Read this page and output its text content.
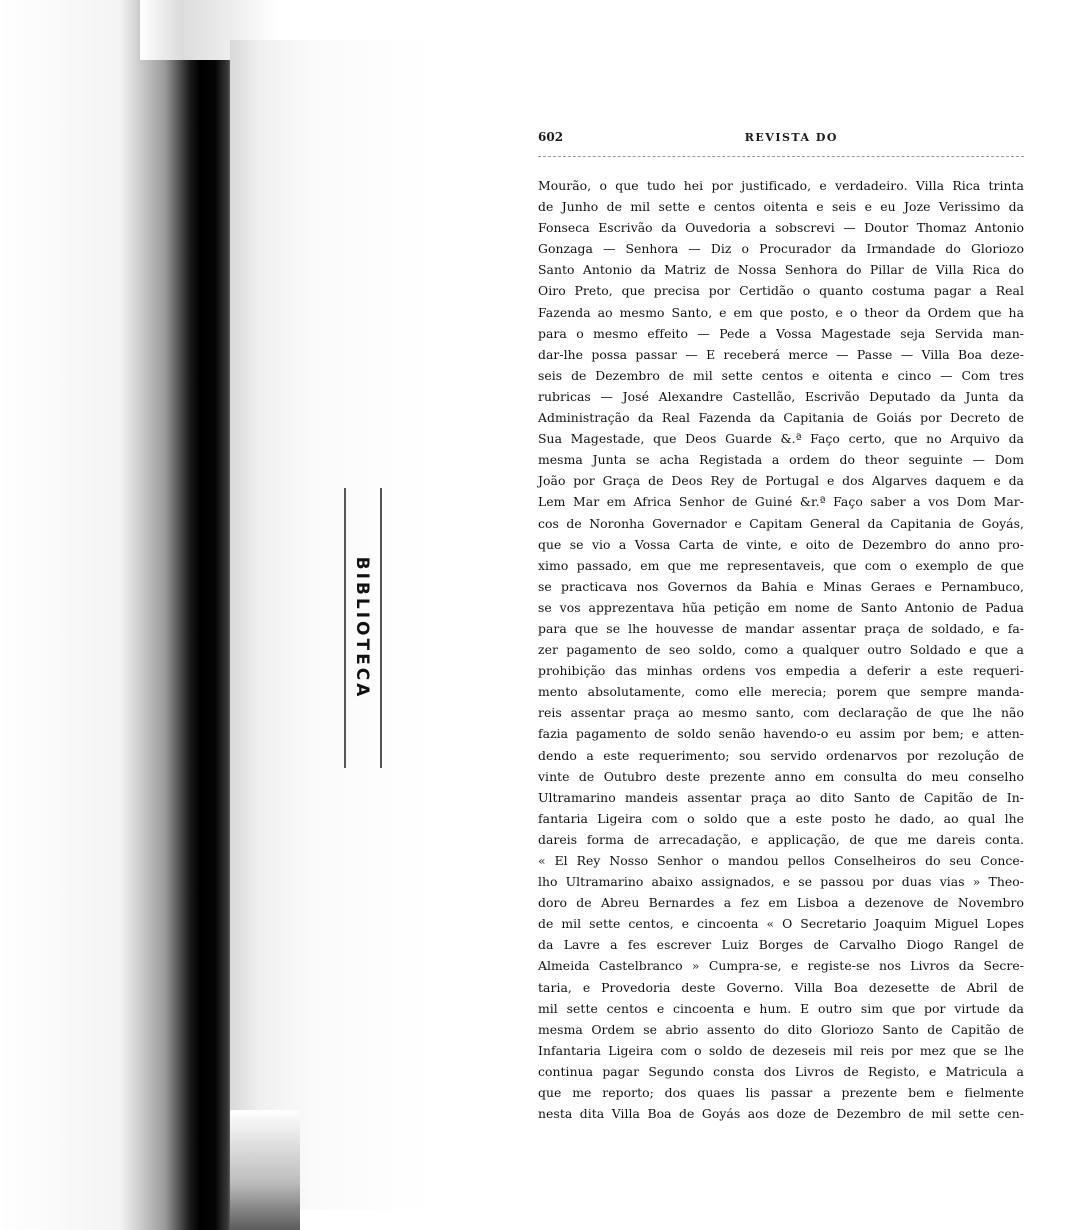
BIBLIOTECA
602	REVISTA DO
Mourão, o que tudo hei por justificado, e verdadeiro. Villa Rica trinta
de Junho de mil sette e centos oitenta e seis e eu Joze Verissimo da
Fonseca Escrivão da Ouvedoria a sobscrevi — Doutor Thomaz Antonio
Gonzaga — Senhora — Diz o Procurador da Irmandade do Gloriozo
Santo Antonio da Matriz de Nossa Senhora do Pillar de Villa Rica do
Oiro Preto, que precisa por Certidão o quanto costuma pagar a Real
Fazenda ao mesmo Santo, e em que posto, e o theor da Ordem que ha
para o mesmo effeito — Pede a Vossa Magestade seja Servida man-
dar-lhe possa passar — E receberá merce — Passe — Villa Boa deze-
seis de Dezembro de mil sette centos e oitenta e cinco — Com tres
rubricas — José Alexandre Castellão, Escrivão Deputado da Junta da
Administração da Real Fazenda da Capitania de Goiás por Decreto de
Sua Magestade, que Deos Guarde &.ª Faço certo, que no Arquivo da
mesma Junta se acha Registada a ordem do theor seguinte — Dom
João por Graça de Deos Rey de Portugal e dos Algarves daquem e da
Lem Mar em Africa Senhor de Guiné &r.ª Faço saber a vos Dom Mar-
cos de Noronha Governador e Capitam General da Capitania de Goyás,
que se vio a Vossa Carta de vinte, e oito de Dezembro do anno pro-
ximo passado, em que me representaveis, que com o exemplo de que
se practicava nos Governos da Bahia e Minas Geraes e Pernambuco,
se vos apprezentava hũa petição em nome de Santo Antonio de Padua
para que se lhe houvesse de mandar assentar praça de soldado, e fa-
zer pagamento de seo soldo, como a qualquer outro Soldado e que a
prohibição das minhas ordens vos empedia a deferir a este requeri-
mento absolutamente, como elle merecia; porem que sempre manda-
reis assentar praça ao mesmo santo, com declaração de que lhe não
fazia pagamento de soldo senão havendo-o eu assim por bem; e atten-
dendo a este requerimento; sou servido ordenarvos por rezolução de
vinte de Outubro deste prezente anno em consulta do meu conselho
Ultramarino mandeis assentar praça ao dito Santo de Capitão de In-
fantaria Ligeira com o soldo que a este posto he dado, ao qual lhe
dareis forma de arrecadação, e applicação, de que me dareis conta.
« El Rey Nosso Senhor o mandou pellos Conselheiros do seu Conce-
lho Ultramarino abaixo assignados, e se passou por duas vias » Theo-
doro de Abreu Bernardes a fez em Lisboa a dezenove de Novembro
de mil sette centos, e cincoenta « O Secretario Joaquim Miguel Lopes
da Lavre a fes escrever Luiz Borges de Carvalho Diogo Rangel de
Almeida Castelbranco » Cumpra-se, e registe-se nos Livros da Secre-
taria, e Provedoria deste Governo. Villa Boa dezesette de Abril de
mil sette centos e cincoenta e hum. E outro sim que por virtude da
mesma Ordem se abrio assento do dito Gloriozo Santo de Capitão de
Infantaria Ligeira com o soldo de dezeseis mil reis por mez que se lhe
continua pagar Segundo consta dos Livros de Registo, e Matricula a
que me reporto; dos quaes lis passar a prezente bem e fielmente
nesta dita Villa Boa de Goyás aos doze de Dezembro de mil sette cen-
